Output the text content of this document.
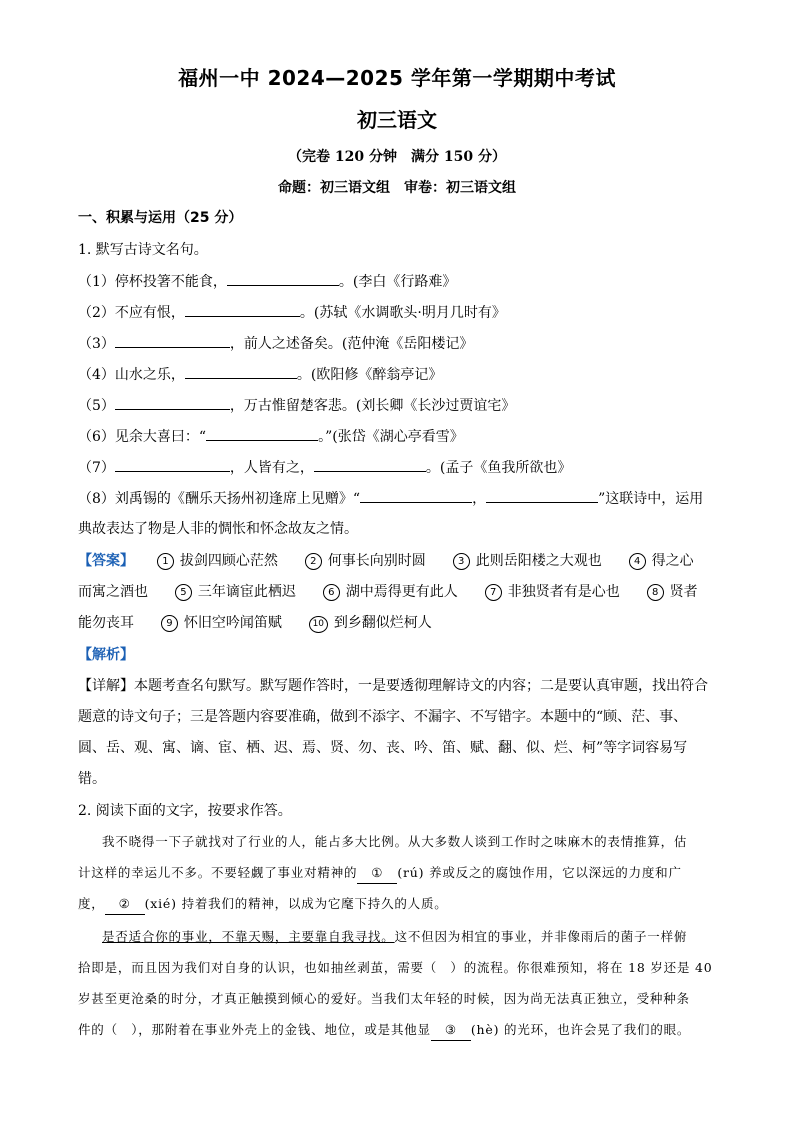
福州一中 2024—2025 学年第一学期期中考试
初三语文
（完卷 120 分钟　满分 150 分）
命题：初三语文组　审卷：初三语文组
一、积累与运用（25 分）
1. 默写古诗文名句。
（1）停杯投箸不能食，	。(李白《行路难》
（2）不应有恨，	。(苏轼《水调歌头·明月几时有》
（3）	，前人之述备矣。(范仲淹《岳阳楼记》
（4）山水之乐，	。(欧阳修《醉翁亭记》
（5）	，万古惟留楚客悲。(刘长卿《长沙过贾谊宅》
（6）见余大喜曰：“	。”(张岱《湖心亭看雪》
（7）	，人皆有之，	。(孟子《鱼我所欲也》
（8）刘禹锡的《酬乐天扬州初逢席上见赠》“	，	”这联诗中，运用
典故表达了物是人非的惆怅和怀念故友之情。
【答案】	1 拔剑四顾心茫然	2 何事长向别时圆	3 此则岳阳楼之大观也	4 得之心
而寓之酒也	5 三年谪宦此栖迟	6 湖中焉得更有此人	7 非独贤者有是心也	8 贤者
能勿丧耳	9 怀旧空吟闻笛赋	10 到乡翻似烂柯人
【解析】
【详解】本题考查名句默写。默写题作答时，一是要透彻理解诗文的内容；二是要认真审题，找出符合
题意的诗文句子；三是答题内容要准确，做到不添字、不漏字、不写错字。本题中的“顾、茫、事、
圆、岳、观、寓、谪、宦、栖、迟、焉、贤、勿、丧、吟、笛、赋、翻、似、烂、柯”等字词容易写
错。
2. 阅读下面的文字，按要求作答。
我不晓得一下子就找对了行业的人，能占多大比例。从大多数人谈到工作时之味麻木的表情推算，估
计这样的幸运儿不多。不要轻觑了事业对精神的 ① (rú) 养或反之的腐蚀作用，它以深远的力度和广
度， ② (xié) 持着我们的精神，以成为它麾下持久的人质。
是否适合你的事业，不靠天赐，主要靠自我寻找。这不但因为相宜的事业，并非像雨后的菌子一样俯
拾即是，而且因为我们对自身的认识，也如抽丝剥茧，需要（　）的流程。你很难预知，将在 18 岁还是 40
岁甚至更沧桑的时分，才真正触摸到倾心的爱好。当我们太年轻的时候，因为尚无法真正独立，受种种条
件的（　），那附着在事业外壳上的金钱、地位，或是其他显 ③ (hè) 的光环，也许会晃了我们的眼。
